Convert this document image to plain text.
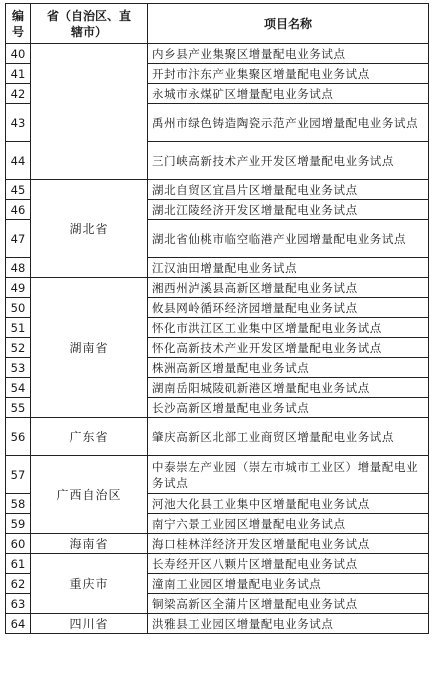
编
号	省（自治区、直
辖市）	项目名称
40		内乡县产业集聚区增量配电业务试点
41		开封市汴东产业集聚区增量配电业务试点
42		永城市永煤矿区增量配电业务试点
43		禹州市绿色铸造陶瓷示范产业园增量配电业务试点
44		三门峡高新技术产业开发区增量配电业务试点
45	湖北省	湖北自贸区宜昌片区增量配电业务试点
46		湖北江陵经济开发区增量配电业务试点
47		湖北省仙桃市临空临港产业园增量配电业务试点
48		江汉油田增量配电业务试点
49	湖南省	湘西州泸溪县高新区增量配电业务试点
50		攸县网岭循环经济园增量配电业务试点
51		怀化市洪江区工业集中区增量配电业务试点
52		怀化高新技术产业开发区增量配电业务试点
53		株洲高新区增量配电业务试点
54		湖南岳阳城陵矶新港区增量配电业务试点
55		长沙高新区增量配电业务试点
56	广东省	肇庆高新区北部工业商贸区增量配电业务试点
57	广西自治区	中泰崇左产业园（崇左市城市工业区）增量配电业务试点
58		河池大化县工业集中区增量配电业务试点
59		南宁六景工业园区增量配电业务试点
60	海南省	海口桂林洋经济开发区增量配电业务试点
61	重庆市	长寿经开区八颗片区增量配电业务试点
62		潼南工业园区增量配电业务试点
63		铜梁高新区全蒲片区增量配电业务试点
64	四川省	洪雅县工业园区增量配电业务试点
